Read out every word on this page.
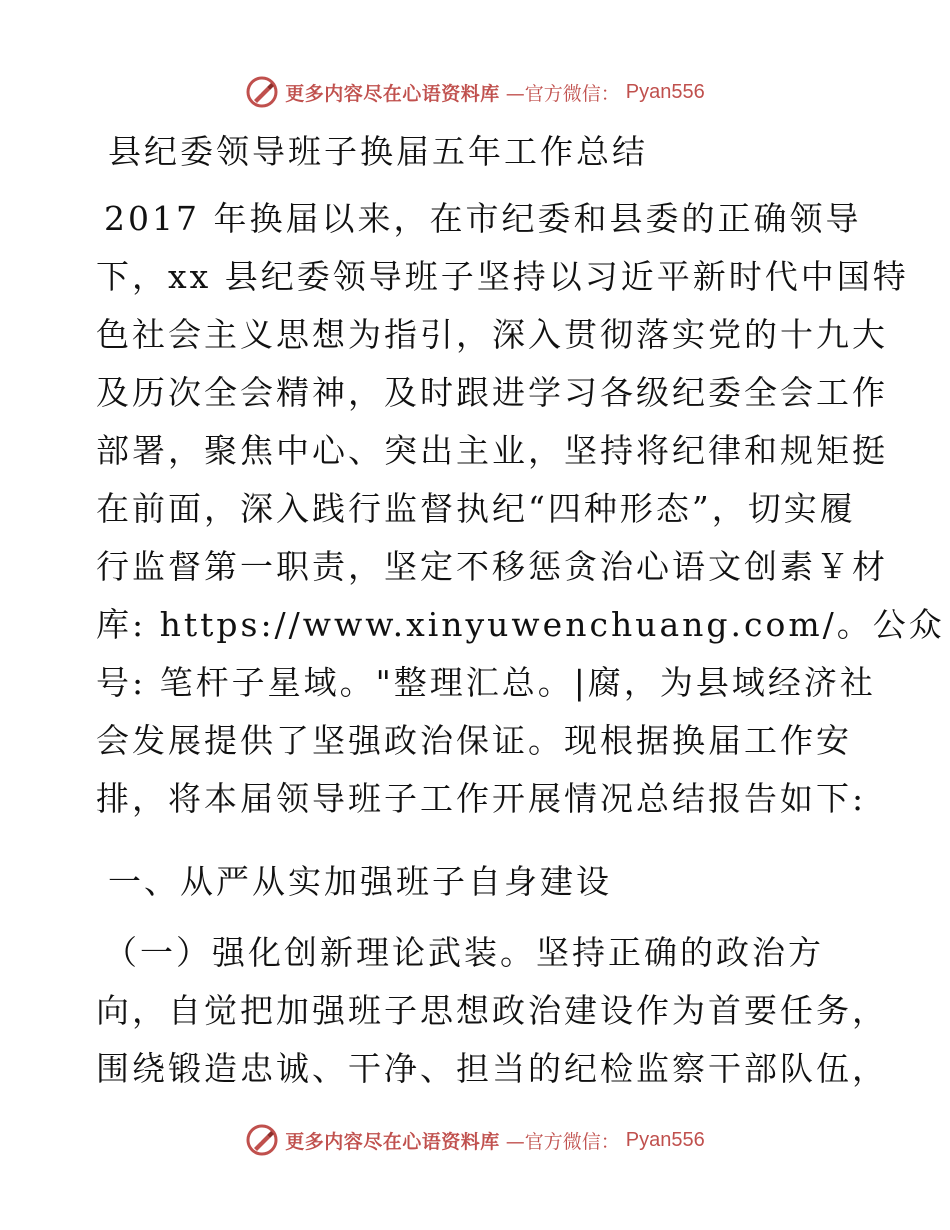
更多内容尽在心语资料库 —官方微信： Pyan556
县纪委领导班子换届五年工作总结
2017 年换届以来，在市纪委和县委的正确领导
下，xx 县纪委领导班子坚持以习近平新时代中国特
色社会主义思想为指引，深入贯彻落实党的十九大
及历次全会精神，及时跟进学习各级纪委全会工作
部署，聚焦中心、突出主业，坚持将纪律和规矩挺
在前面，深入践行监督执纪“四种形态”，切实履
行监督第一职责，坚定不移惩贪治心语文创素￥材
库: https://www.xinyuwenchuang.com/。公众
号: 笔杆子星域。"整理汇总。|腐，为县域经济社
会发展提供了坚强政治保证。现根据换届工作安
排，将本届领导班子工作开展情况总结报告如下:
一、从严从实加强班子自身建设
（一）强化创新理论武装。坚持正确的政治方
向，自觉把加强班子思想政治建设作为首要任务，
围绕锻造忠诚、干净、担当的纪检监察干部队伍，
更多内容尽在心语资料库 —官方微信： Pyan556
